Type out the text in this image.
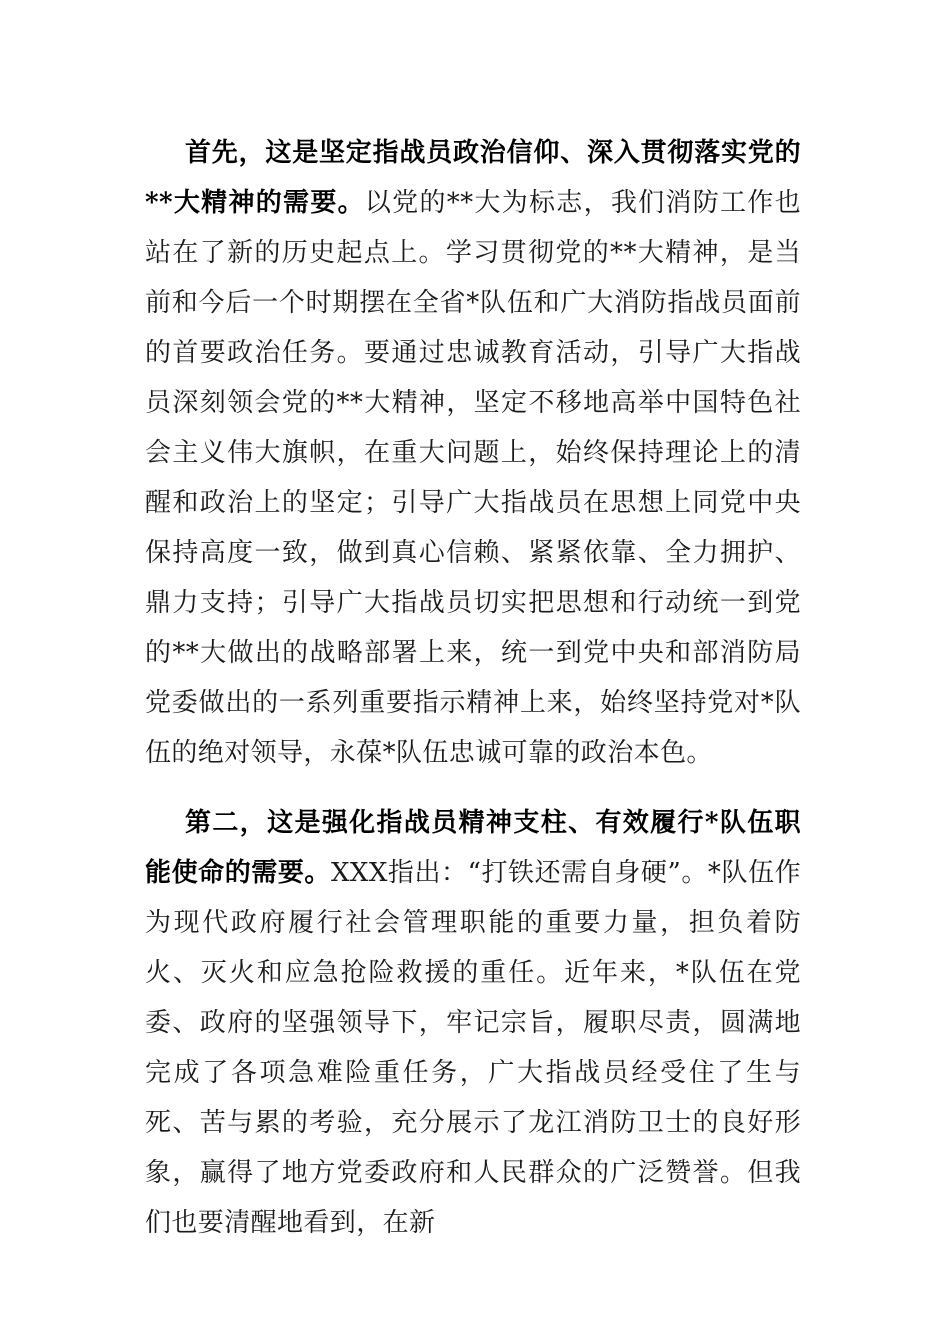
首先，这是坚定指战员政治信仰、深入贯彻落实党的**大精神的需要。以党的**大为标志，我们消防工作也站在了新的历史起点上。学习贯彻党的**大精神，是当前和今后一个时期摆在全省*队伍和广大消防指战员面前的首要政治任务。要通过忠诚教育活动，引导广大指战员深刻领会党的**大精神，坚定不移地高举中国特色社会主义伟大旗帜，在重大问题上，始终保持理论上的清醒和政治上的坚定；引导广大指战员在思想上同党中央保持高度一致，做到真心信赖、紧紧依靠、全力拥护、鼎力支持；引导广大指战员切实把思想和行动统一到党的**大做出的战略部署上来，统一到党中央和部消防局党委做出的一系列重要指示精神上来，始终坚持党对*队伍的绝对领导，永葆*队伍忠诚可靠的政治本色。

第二，这是强化指战员精神支柱、有效履行*队伍职能使命的需要。XXX指出：“打铁还需自身硬”。*队伍作为现代政府履行社会管理职能的重要力量，担负着防火、灭火和应急抢险救援的重任。近年来，*队伍在党委、政府的坚强领导下，牢记宗旨，履职尽责，圆满地完成了各项急难险重任务，广大指战员经受住了生与死、苦与累的考验，充分展示了龙江消防卫士的良好形象，赢得了地方党委政府和人民群众的广泛赞誉。但我们也要清醒地看到，在新
